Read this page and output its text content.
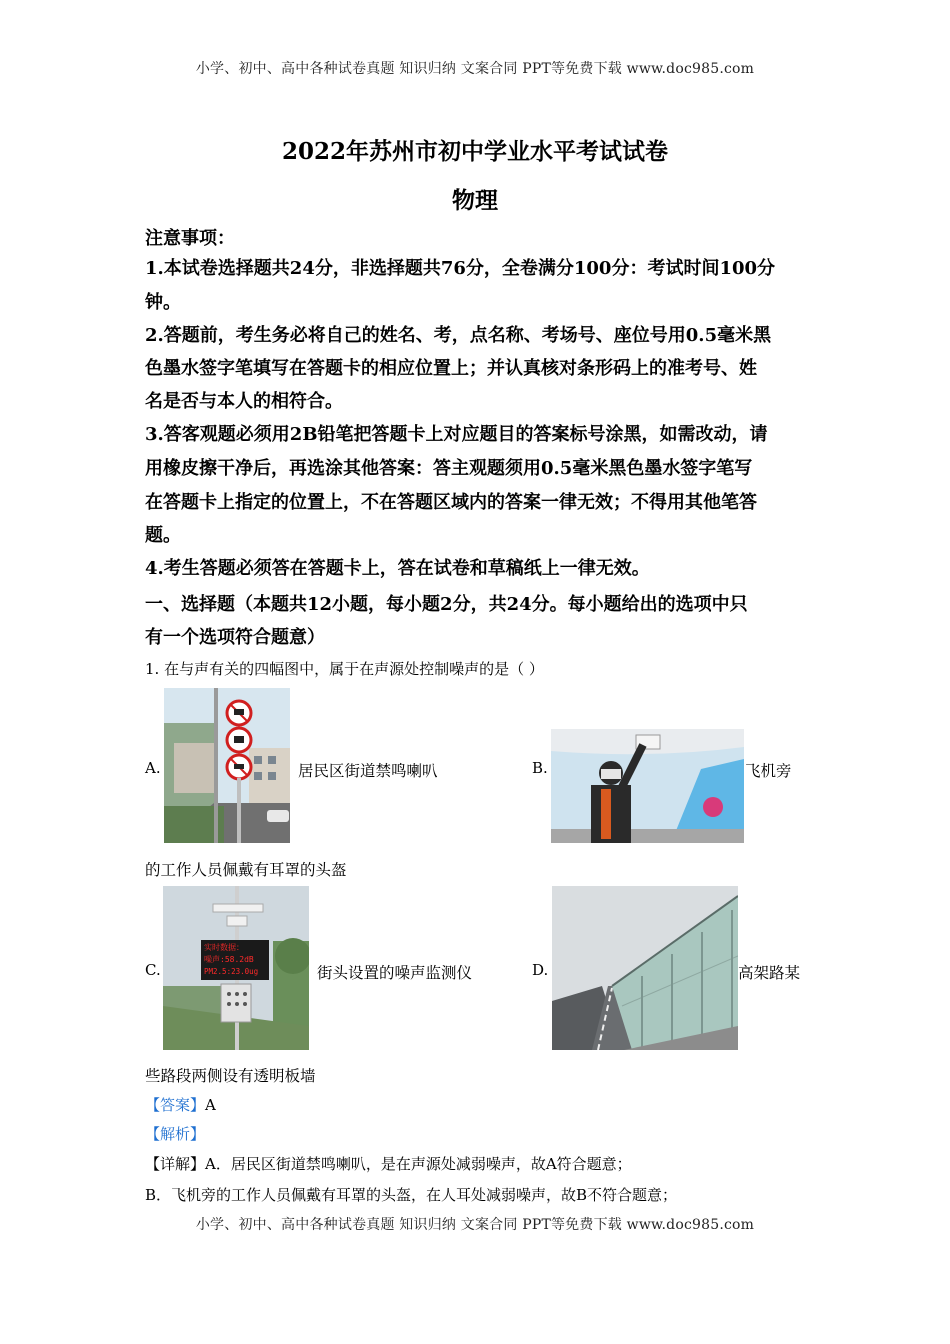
小学、初中、高中各种试卷真题 知识归纳 文案合同 PPT等免费下载 www.doc985.com
2022年苏州市初中学业水平考试试卷
物理
注意事项：
1.本试卷选择题共24分，非选择题共76分，全卷满分100分：考试时间100分
钟。
2.答题前，考生务必将自己的姓名、考，点名称、考场号、座位号用0.5毫米黑
色墨水签字笔填写在答题卡的相应位置上；并认真核对条形码上的准考号、姓
名是否与本人的相符合。
3.答客观题必须用2B铅笔把答题卡上对应题目的答案标号涂黑，如需改动，请
用橡皮擦干净后，再选涂其他答案：答主观题须用0.5毫米黑色墨水签字笔写
在答题卡上指定的位置上，不在答题区域内的答案一律无效；不得用其他笔答
题。
4.考生答题必须答在答题卡上，答在试卷和草稿纸上一律无效。
一、选择题（本题共12小题，每小题2分，共24分。每小题给出的选项中只
有一个选项符合题意）
1. 在与声有关的四幅图中，属于在声源处控制噪声的是（ ）
A.	居民区街道禁鸣喇叭	B.	飞机旁
的工作人员佩戴有耳罩的头盔
C.
实时数据：
噪声:58.2dB
PM2.5:23.0ug	街头设置的噪声监测仪	D.	高架路某
些路段两侧设有透明板墙
【答案】A
【解析】
【详解】A．居民区街道禁鸣喇叭，是在声源处减弱噪声，故A符合题意；
B．飞机旁的工作人员佩戴有耳罩的头盔，在人耳处减弱噪声，故B不符合题意；
小学、初中、高中各种试卷真题 知识归纳 文案合同 PPT等免费下载 www.doc985.com
